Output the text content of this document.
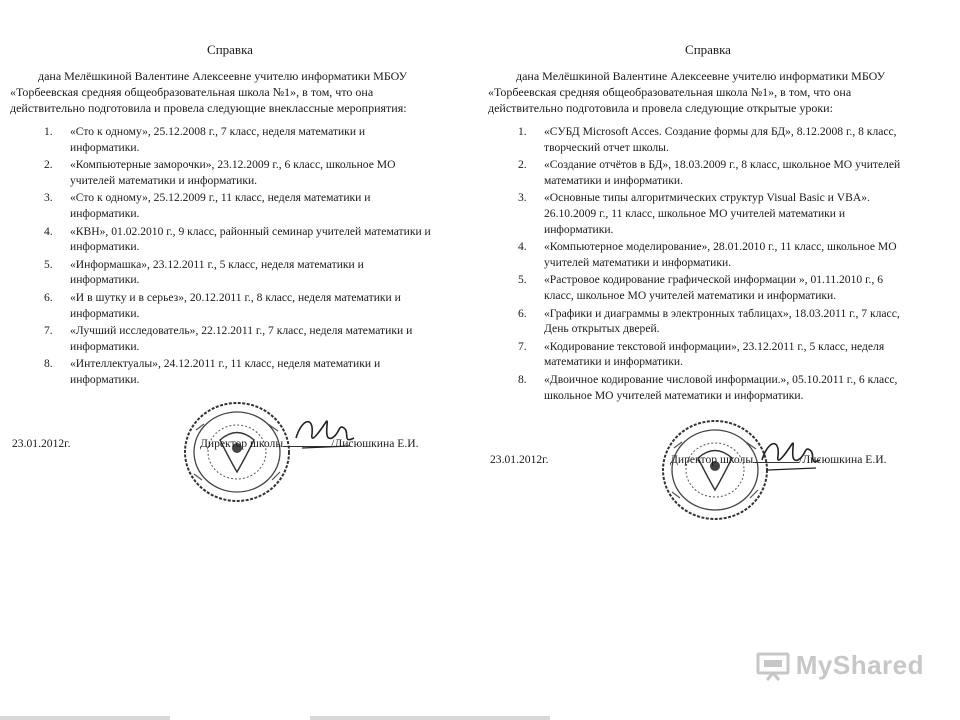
Справка
дана Мелёшкиной Валентине Алексеевне учителю информатики МБОУ
«Торбеевская средняя общеобразовательная школа №1», в том, что она
действительно подготовила и провела следующие внеклассные мероприятия:
1. «Сто к одному», 25.12.2008 г., 7 класс, неделя математики и
информатики.
2. «Компьютерные заморочки», 23.12.2009 г., 6 класс, школьное МО
учителей математики и информатики.
3. «Сто к одному», 25.12.2009 г., 11 класс, неделя математики и
информатики.
4. «КВН», 01.02.2010 г., 9 класс, районный семинар учителей математики и
информатики.
5. «Информашка», 23.12.2011 г., 5 класс, неделя математики и
информатики.
6. «И в шутку и в серьез», 20.12.2011 г., 8 класс, неделя математики и
информатики.
7. «Лучший исследователь», 22.12.2011 г., 7 класс, неделя математики и
информатики.
8. «Интеллектуалы», 24.12.2011 г., 11 класс, неделя математики и
информатики.
23.01.2012г.	Директор школы	/Лисюшкина Е.И.
Справка
дана Мелёшкиной Валентине Алексеевне учителю информатики МБОУ
«Торбеевская средняя общеобразовательная школа №1», в том, что она
действительно подготовила и провела следующие открытые уроки:
1. «СУБД Microsoft Acces. Создание формы для БД», 8.12.2008 г., 8 класс,
творческий отчет школы.
2. «Создание отчётов в БД», 18.03.2009 г., 8 класс, школьное МО учителей
математики и информатики.
3. «Основные типы алгоритмических структур Visual Basic и VBA».
26.10.2009 г., 11 класс, школьное МО учителей математики и
информатики.
4. «Компьютерное моделирование», 28.01.2010 г., 11 класс, школьное МО
учителей математики и информатики.
5. «Растровое кодирование графической информации », 01.11.2010 г., 6
класс, школьное МО учителей математики и информатики.
6. «Графики и диаграммы в электронных таблицах», 18.03.2011 г., 7 класс,
День открытых дверей.
7. «Кодирование текстовой информации», 23.12.2011 г., 5 класс, неделя
математики и информатики.
8. «Двоичное кодирование числовой информации.», 05.10.2011 г., 6 класс,
школьное МО учителей математики и информатики.
23.01.2012г.	Директор школы	/Лисюшкина Е.И.
MyShared
